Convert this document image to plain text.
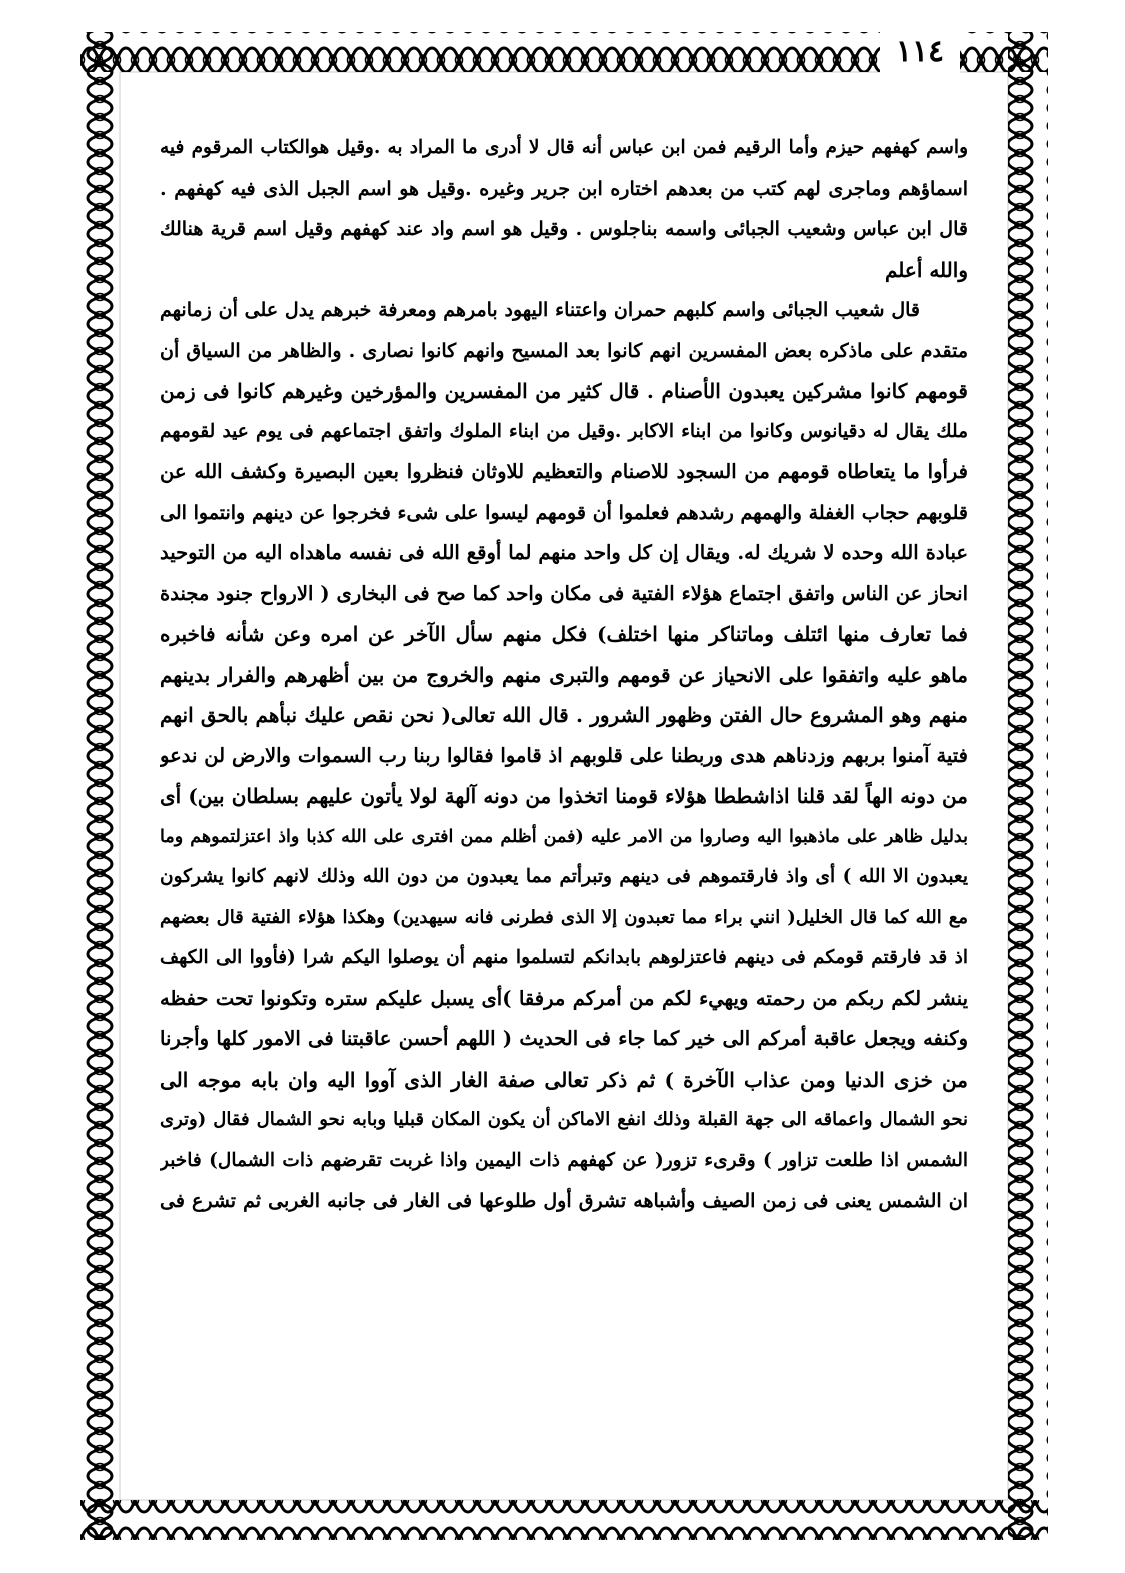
١١٤
واسم كهفهم حيزم وأما الرقيم فمن ابن عباس أنه قال لا أدرى ما المراد به .وقيل هوالكتاب المرقوم فيه
اسماؤهم وماجرى لهم كتب من بعدهم اختاره ابن جرير وغيره .وقيل هو اسم الجبل الذى فيه كهفهم .
قال ابن عباس وشعيب الجبائى واسمه بناجلوس . وقيل هو اسم واد عند كهفهم وقيل اسم قرية هنالك
والله أعلم
قال شعيب الجبائى واسم كلبهم حمران واعتناء اليهود بامرهم ومعرفة خبرهم يدل على أن زمانهم
متقدم على ماذكره بعض المفسرين انهم كانوا بعد المسيح وانهم كانوا نصارى . والظاهر من السياق أن
قومهم كانوا مشركين يعبدون الأصنام . قال كثير من المفسرين والمؤرخين وغيرهم كانوا فى زمن
ملك يقال له دقيانوس وكانوا من ابناء الاكابر .وقيل من ابناء الملوك واتفق اجتماعهم فى يوم عيد لقومهم
فرأوا ما يتعاطاه قومهم من السجود للاصنام والتعظيم للاوثان فنظروا بعين البصيرة وكشف الله عن
قلوبهم حجاب الغفلة والهمهم رشدهم فعلموا أن قومهم ليسوا على شىء فخرجوا عن دينهم وانتموا الى
عبادة الله وحده لا شريك له. ويقال إن كل واحد منهم لما أوقع الله فى نفسه ماهداه اليه من التوحيد
انحاز عن الناس واتفق اجتماع هؤلاء الفتية فى مكان واحد كما صح فى البخارى ( الارواح جنود مجندة
فما تعارف منها ائتلف وماتناكر منها اختلف) فكل منهم سأل الآخر عن امره وعن شأنه فاخبره
ماهو عليه واتفقوا على الانحياز عن قومهم والتبرى منهم والخروج من بين أظهرهم والفرار بدينهم
منهم وهو المشروع حال الفتن وظهور الشرور . قال الله تعالى( نحن نقص عليك نبأهم بالحق انهم
فتية آمنوا بربهم وزدناهم هدى وربطنا على قلوبهم اذ قاموا فقالوا ربنا رب السموات والارض لن ندعو
من دونه الهاً لقد قلنا اذاشططا هؤلاء قومنا اتخذوا من دونه آلهة لولا يأتون عليهم بسلطان بين) أى
بدليل ظاهر على ماذهبوا اليه وصاروا من الامر عليه (فمن أظلم ممن افترى على الله كذبا واذ اعتزلتموهم وما
يعبدون الا الله ) أى واذ فارقتموهم فى دينهم وتبرأتم مما يعبدون من دون الله وذلك لانهم كانوا يشركون
مع الله كما قال الخليل( انني براء مما تعبدون إلا الذى فطرنى فانه سيهدين) وهكذا هؤلاء الفتية قال بعضهم
اذ قد فارقتم قومكم فى دينهم فاعتزلوهم بابدانكم لتسلموا منهم أن يوصلوا اليكم شرا (فأووا الى الكهف
ينشر لكم ربكم من رحمته ويهيء لكم من أمركم مرفقا )أى يسبل عليكم ستره وتكونوا تحت حفظه
وكنفه ويجعل عاقبة أمركم الى خير كما جاء فى الحديث ( اللهم أحسن عاقبتنا فى الامور كلها وأجرنا
من خزى الدنيا ومن عذاب الآخرة ) ثم ذكر تعالى صفة الغار الذى آووا اليه وان بابه موجه الى
نحو الشمال واعماقه الى جهة القبلة وذلك انفع الاماكن أن يكون المكان قبليا وبابه نحو الشمال فقال (وترى
الشمس اذا طلعت تزاور ) وقرىء تزور( عن كهفهم ذات اليمين واذا غربت تقرضهم ذات الشمال) فاخبر
ان الشمس يعنى فى زمن الصيف وأشباهه تشرق أول طلوعها فى الغار فى جانبه الغربى ثم تشرع فى
